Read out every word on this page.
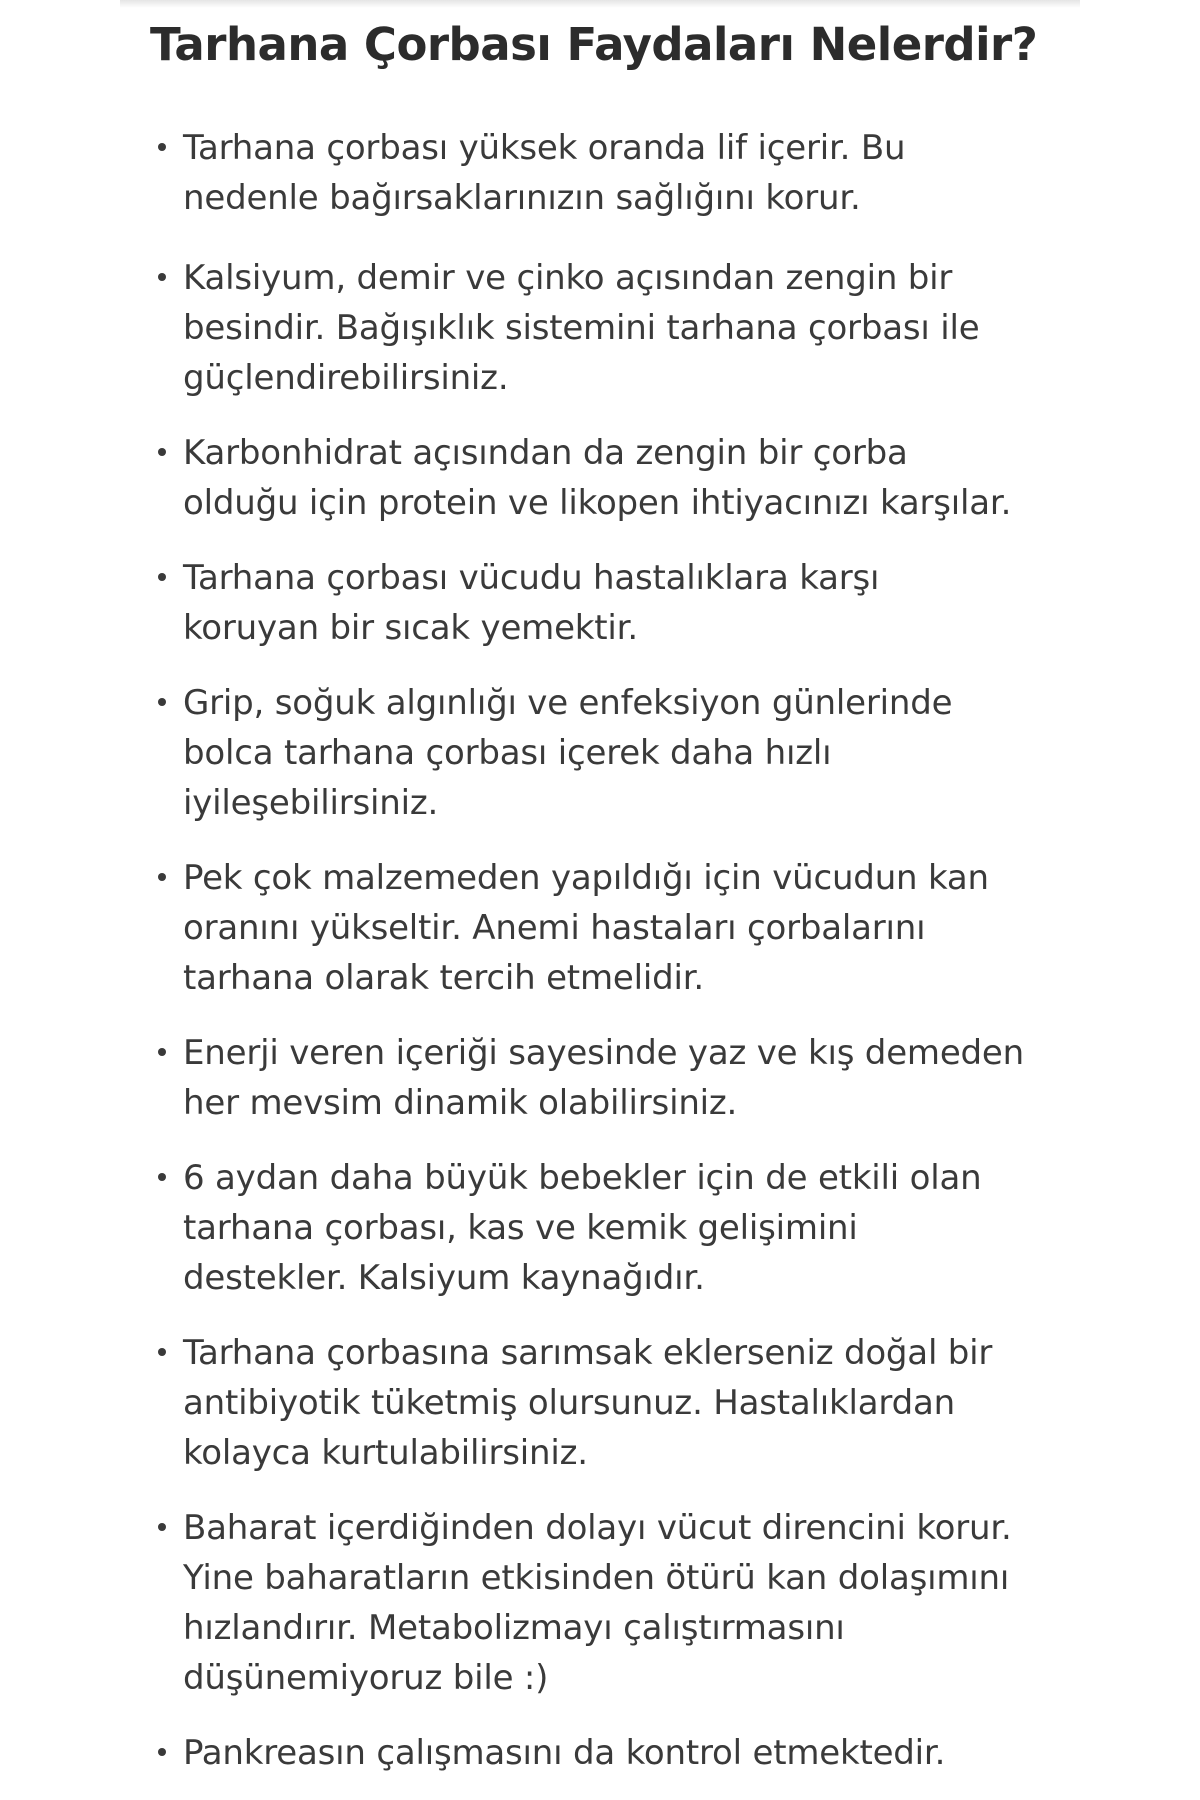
Tarhana Çorbası Faydaları Nelerdir?
Tarhana çorbası yüksek oranda lif içerir. Bu
nedenle bağırsaklarınızın sağlığını korur.
Kalsiyum, demir ve çinko açısından zengin bir
besindir. Bağışıklık sistemini tarhana çorbası ile
güçlendirebilirsiniz.
Karbonhidrat açısından da zengin bir çorba
olduğu için protein ve likopen ihtiyacınızı karşılar.
Tarhana çorbası vücudu hastalıklara karşı
koruyan bir sıcak yemektir.
Grip, soğuk algınlığı ve enfeksiyon günlerinde
bolca tarhana çorbası içerek daha hızlı
iyileşebilirsiniz.
Pek çok malzemeden yapıldığı için vücudun kan
oranını yükseltir. Anemi hastaları çorbalarını
tarhana olarak tercih etmelidir.
Enerji veren içeriği sayesinde yaz ve kış demeden
her mevsim dinamik olabilirsiniz.
6 aydan daha büyük bebekler için de etkili olan
tarhana çorbası, kas ve kemik gelişimini
destekler. Kalsiyum kaynağıdır.
Tarhana çorbasına sarımsak eklerseniz doğal bir
antibiyotik tüketmiş olursunuz. Hastalıklardan
kolayca kurtulabilirsiniz.
Baharat içerdiğinden dolayı vücut direncini korur.
Yine baharatların etkisinden ötürü kan dolaşımını
hızlandırır. Metabolizmayı çalıştırmasını
düşünemiyoruz bile :)
Pankreasın çalışmasını da kontrol etmektedir.
